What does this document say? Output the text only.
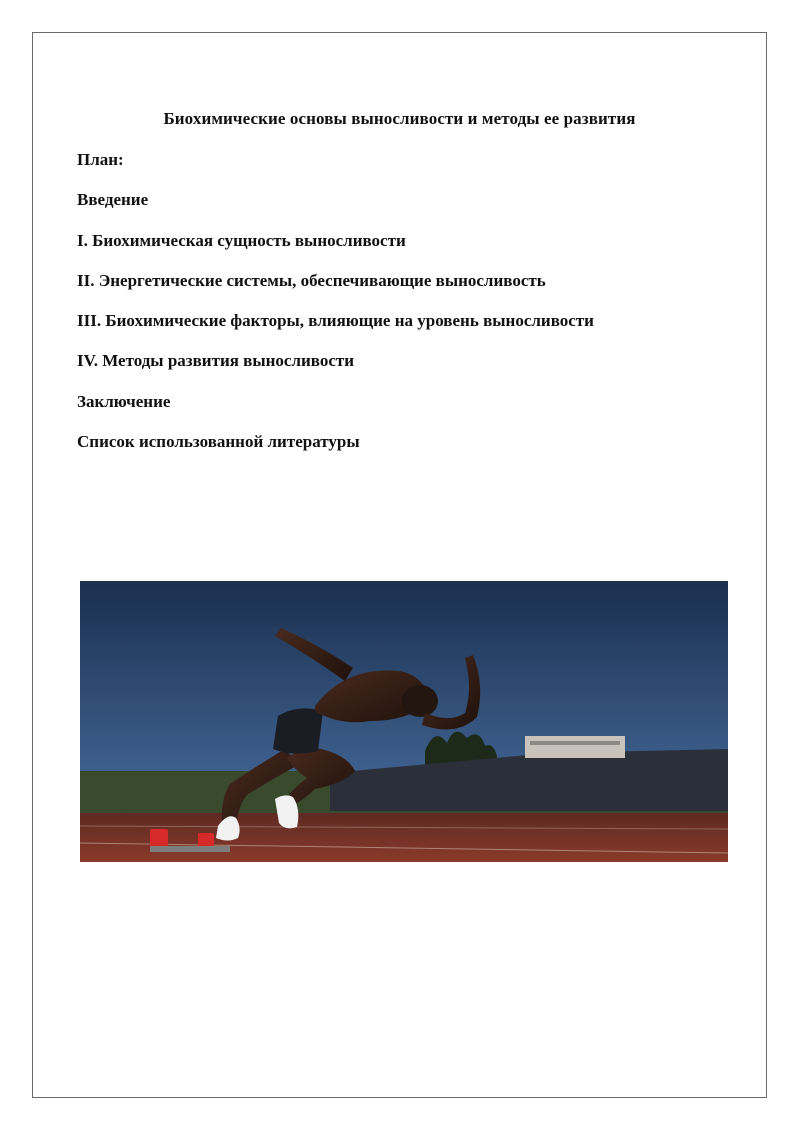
Биохимические основы выносливости и методы ее развития
План:
Введение
I. Биохимическая сущность выносливости
II. Энергетические системы, обеспечивающие выносливость
III. Биохимические факторы, влияющие на уровень выносливости
IV. Методы развития выносливости
Заключение
Список использованной литературы
